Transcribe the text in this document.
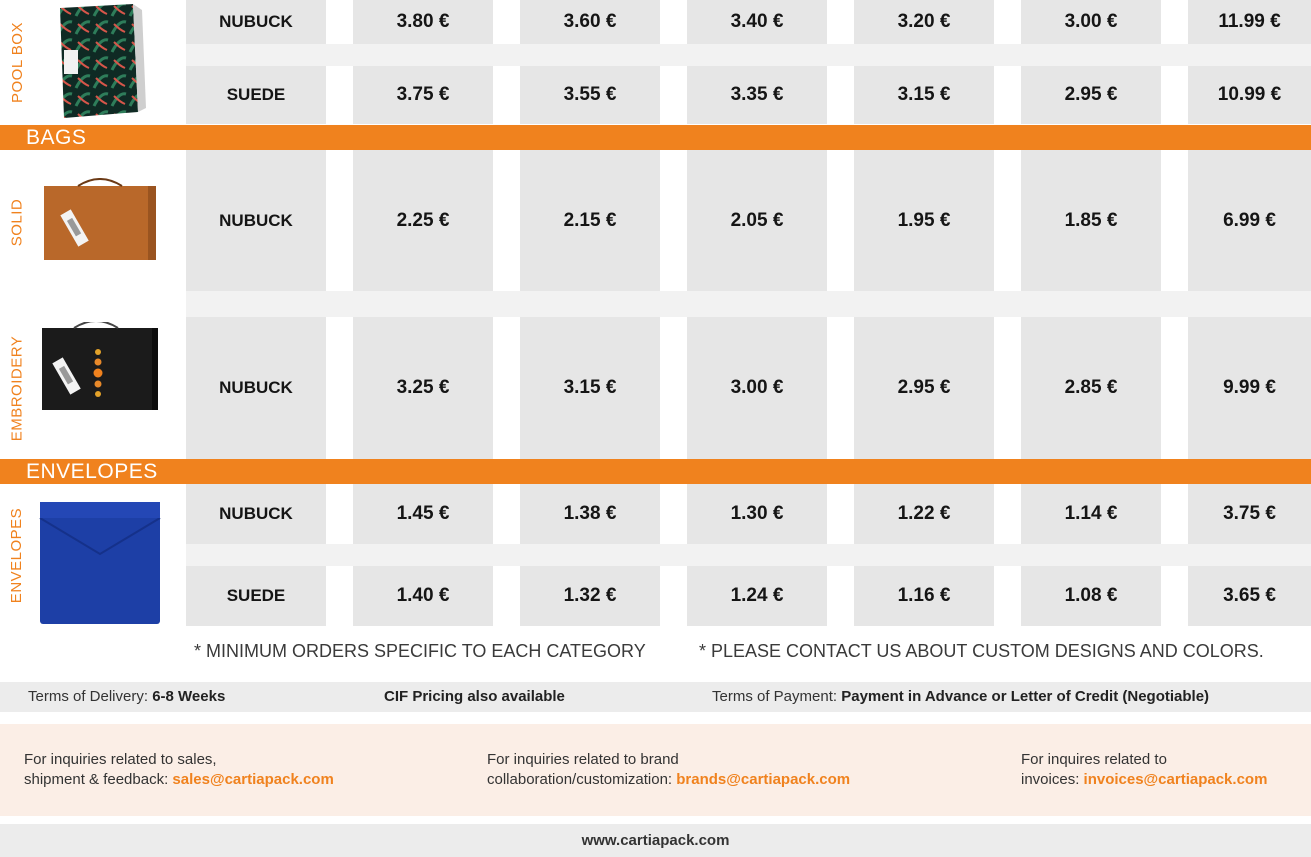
POOL BOX
NUBUCK	3.80 €	3.60 €	3.40 €	3.20 €	3.00 €	11.99 €
SUEDE	3.75 €	3.55 €	3.35 €	3.15 €	2.95 €	10.99 €
BAGS
SOLID	NUBUCK	2.25 €	2.15 €	2.05 €	1.95 €	1.85 €	6.99 €
EMBROIDERY	NUBUCK	3.25 €	3.15 €	3.00 €	2.95 €	2.85 €	9.99 €
ENVELOPES
ENVELOPES	NUBUCK	1.45 €	1.38 €	1.30 €	1.22 €	1.14 €	3.75 €
SUEDE	1.40 €	1.32 €	1.24 €	1.16 €	1.08 €	3.65 €
* MINIMUM ORDERS SPECIFIC TO EACH CATEGORY	* PLEASE CONTACT US ABOUT CUSTOM DESIGNS AND COLORS.
Terms of Delivery: 6-8 Weeks	CIF Pricing also available	Terms of Payment: Payment in Advance or Letter of Credit (Negotiable)
For inquiries related to sales,
shipment & feedback: sales@cartiapack.com
For inquiries related to brand
collaboration/customization: brands@cartiapack.com
For inquires related to
invoices: invoices@cartiapack.com
www.cartiapack.com
